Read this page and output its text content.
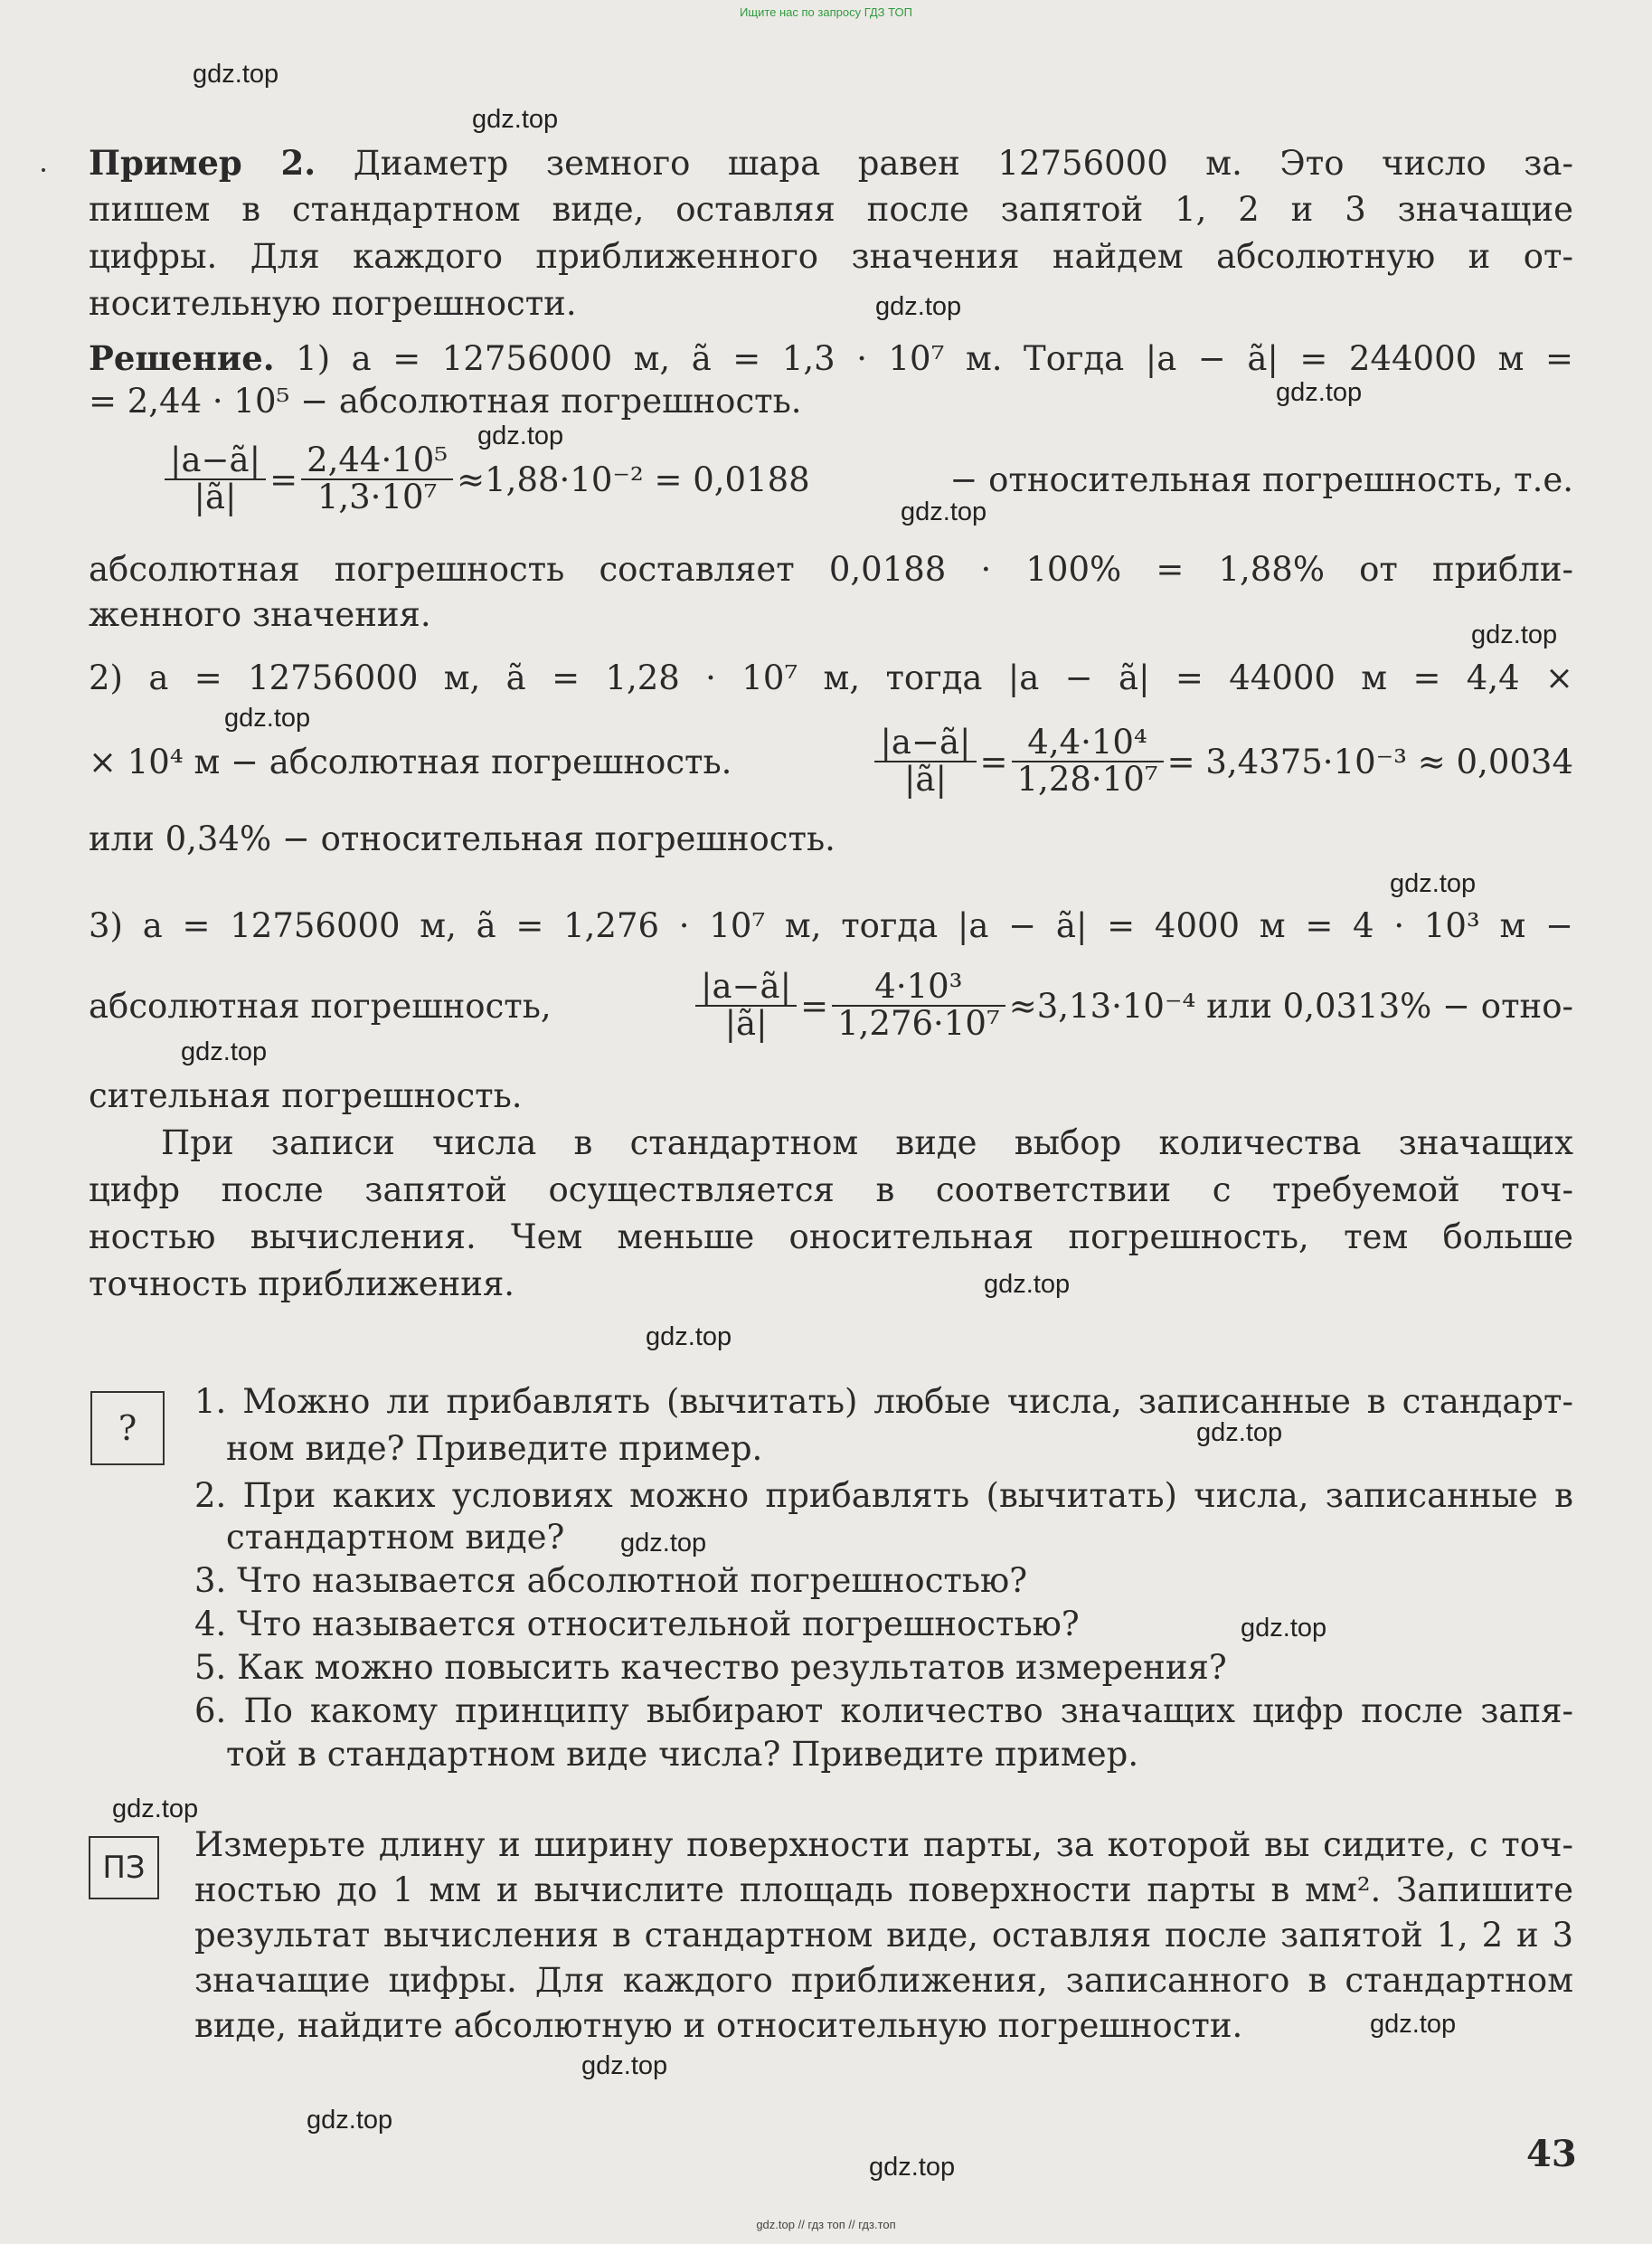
Ищите нас по запросу ГДЗ ТОП
Пример 2. Диаметр земного шара равен 12756000 м. Это число за-
пишем в стандартном виде, оставляя после запятой 1, 2 и 3 значащие
цифры. Для каждого приближенного значения найдем абсолютную и от-
носительную погрешности.
Решение. 1) a = 12756000 м, ã = 1,3 · 10⁷ м. Тогда |a − ã| = 244000 м =
= 2,44 · 10⁵ − абсолютная погрешность.
$\frac{|a-ã|}{|ã|} = \frac{\text{2,44·10⁵}}{\text{1,3·10⁷}} \approx 1,88\cdot 10^{-2} = 0,0188$	− относительная погрешность, т.е.
абсолютная погрешность составляет 0,0188 · 100% = 1,88% от прибли-
женного значения.
2) a = 12756000 м, ã = 1,28 · 10⁷ м, тогда |a − ã| = 44000 м = 4,4 ×
× 10⁴ м − абсолютная погрешность.	$\frac{|a-ã|}{|ã|} = \frac{\text{4,4·10⁴}}{\text{1,28·10⁷}} = 3,4375\cdot 10^{-3} \approx 0,0034$
или 0,34% − относительная погрешность.
3) a = 12756000 м, ã = 1,276 · 10⁷ м, тогда |a − ã| = 4000 м = 4 · 10³ м −
абсолютная погрешность,	$\frac{|a-ã|}{|ã|} = \frac{\text{4·10³}}{\text{1,276·10⁷}} \approx 3,13\cdot 10^{-4}$ или 0,0313% − отно-
сительная погрешность.
При записи числа в стандартном виде выбор количества значащих
цифр после запятой осуществляется в соответствии с требуемой точ-
ностью вычисления. Чем меньше оносительная погрешность, тем больше
точность приближения.
?
1. Можно ли прибавлять (вычитать) любые числа, записанные в стандарт-
ном виде? Приведите пример.
2. При каких условиях можно прибавлять (вычитать) числа, записанные в
стандартном виде?
3. Что называется абсолютной погрешностью?
4. Что называется относительной погрешностью?
5. Как можно повысить качество результатов измерения?
6. По какому принципу выбирают количество значащих цифр после запя-
той в стандартном виде числа? Приведите пример.
ПЗ
Измерьте длину и ширину поверхности парты, за которой вы сидите, с точ-
ностью до 1 мм и вычислите площадь поверхности парты в мм². Запишите
результат вычисления в стандартном виде, оставляя после запятой 1, 2 и 3
значащие цифры. Для каждого приближения, записанного в стандартном
виде, найдите абсолютную и относительную погрешности.
gdz.top
gdz.top
gdz.top
gdz.top
gdz.top
gdz.top
gdz.top
gdz.top
gdz.top
gdz.top
gdz.top
gdz.top
gdz.top
gdz.top
gdz.top
gdz.top
gdz.top
gdz.top
gdz.top
gdz.top	43
gdz.top // гдз топ // гдз.топ
